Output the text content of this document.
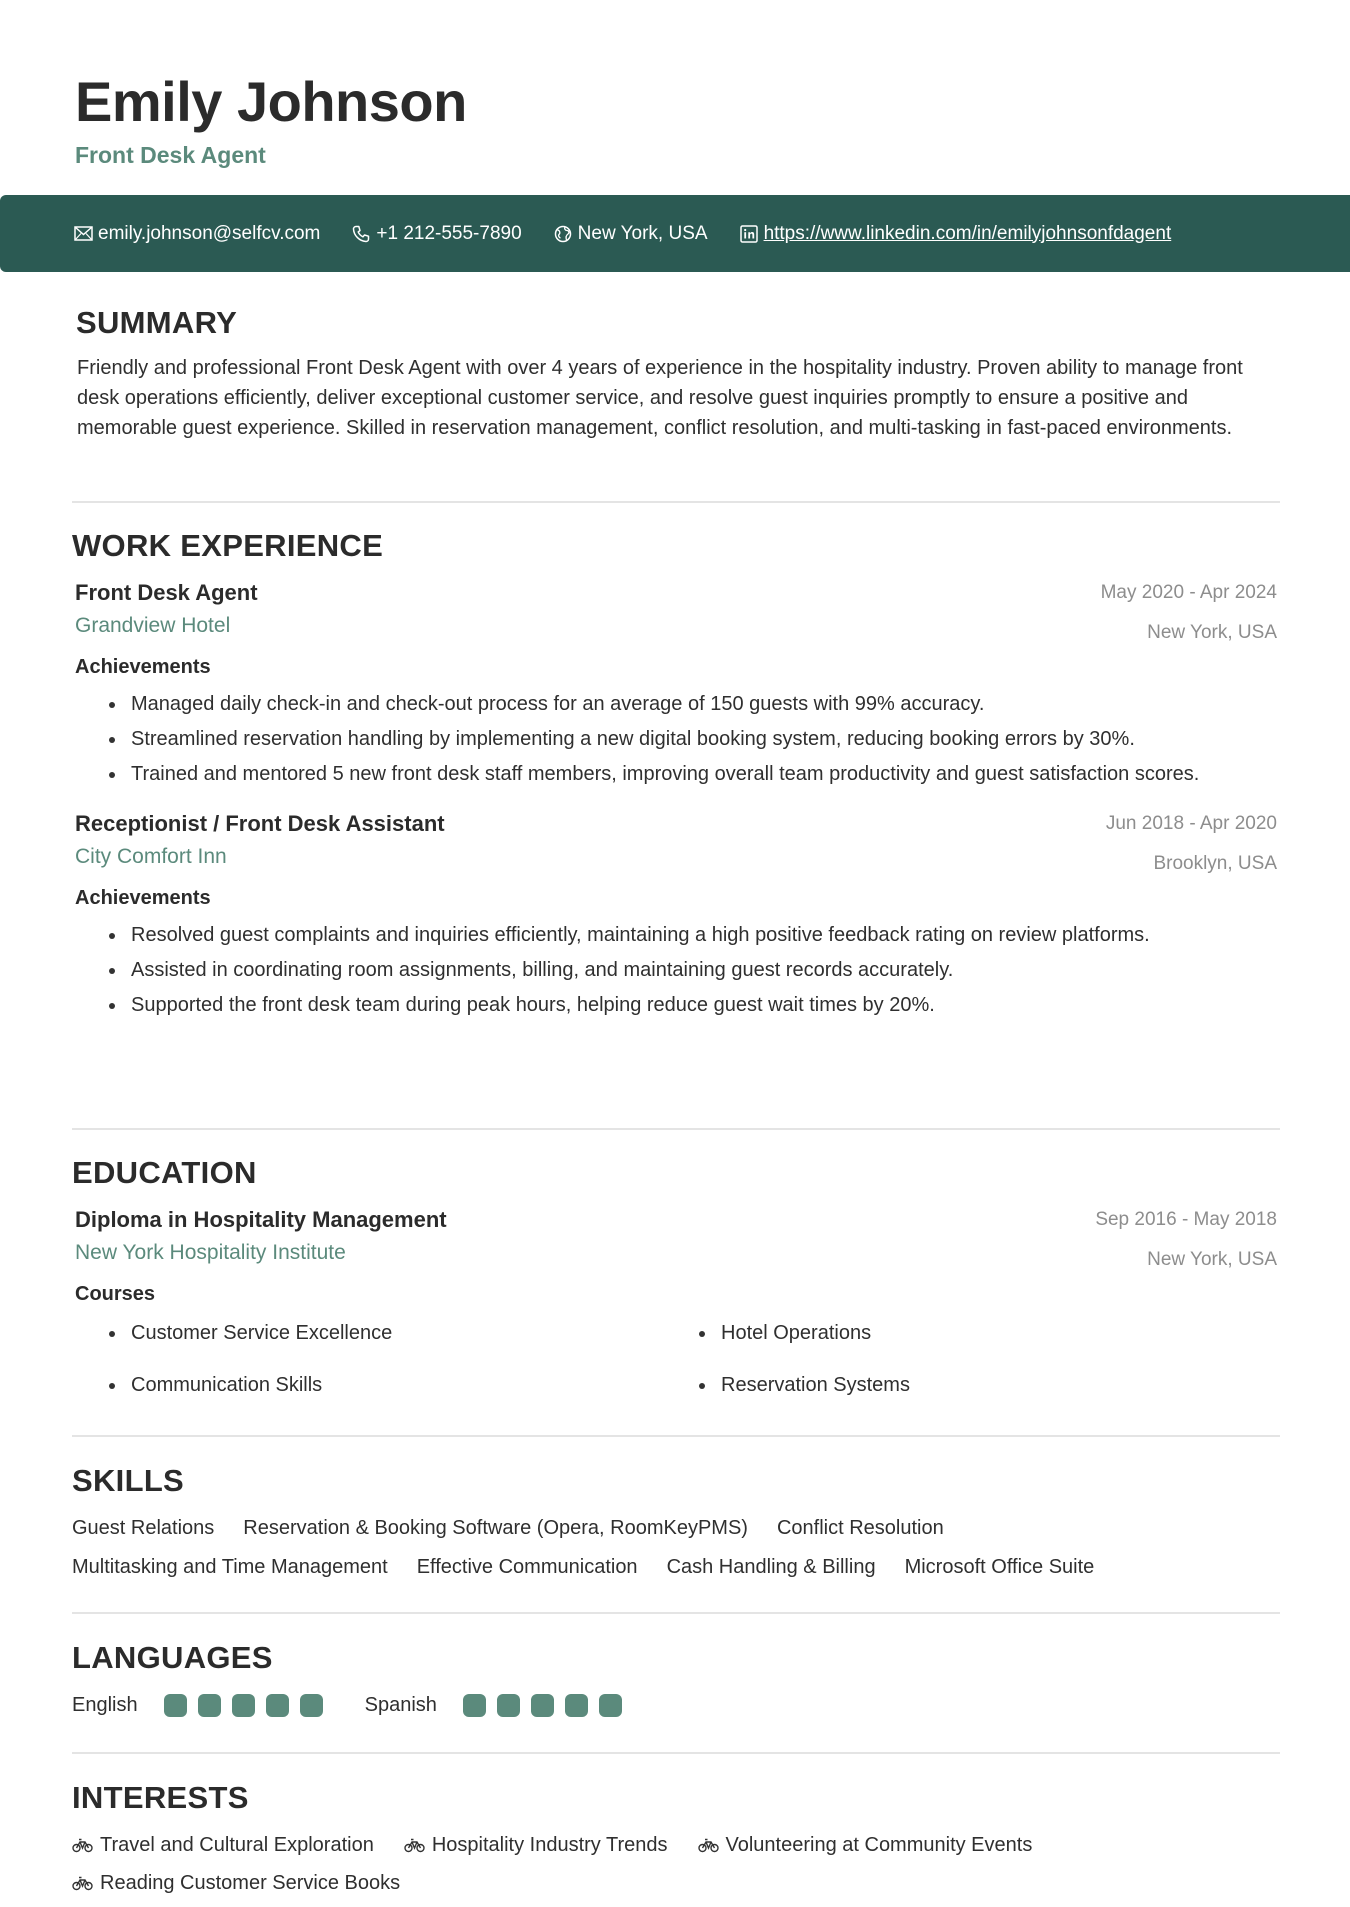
Emily Johnson
Front Desk Agent
emily.johnson@selfcv.com	+1 212-555-7890	New York, USA	https://www.linkedin.com/in/emilyjohnsonfdagent
SUMMARY

Friendly and professional Front Desk Agent with over 4 years of experience in the hospitality industry. Proven ability to manage front desk operations efficiently, deliver exceptional customer service, and resolve guest inquiries promptly to ensure a positive and memorable guest experience. Skilled in reservation management, conflict resolution, and multi-tasking in fast-paced environments.

WORK EXPERIENCE
Front Desk Agent
Grandview Hotel
May 2020 - Apr 2024
New York, USA
Achievements
Managed daily check-in and check-out process for an average of 150 guests with 99% accuracy.
Streamlined reservation handling by implementing a new digital booking system, reducing booking errors by 30%.
Trained and mentored 5 new front desk staff members, improving overall team productivity and guest satisfaction scores.
Receptionist / Front Desk Assistant
City Comfort Inn
Jun 2018 - Apr 2020
Brooklyn, USA
Achievements
Resolved guest complaints and inquiries efficiently, maintaining a high positive feedback rating on review platforms.
Assisted in coordinating room assignments, billing, and maintaining guest records accurately.
Supported the front desk team during peak hours, helping reduce guest wait times by 20%.
EDUCATION
Diploma in Hospitality Management
New York Hospitality Institute
Sep 2016 - May 2018
New York, USA
Courses
Customer Service Excellence	Hotel Operations
Communication Skills	Reservation Systems
SKILLS
Guest Relations Reservation & Booking Software (Opera, RoomKeyPMS) Conflict Resolution
Multitasking and Time Management Effective Communication Cash Handling & Billing Microsoft Office Suite
LANGUAGES
English	Spanish
INTERESTS
Travel and Cultural Exploration	Hospitality Industry Trends	Volunteering at Community Events
Reading Customer Service Books
